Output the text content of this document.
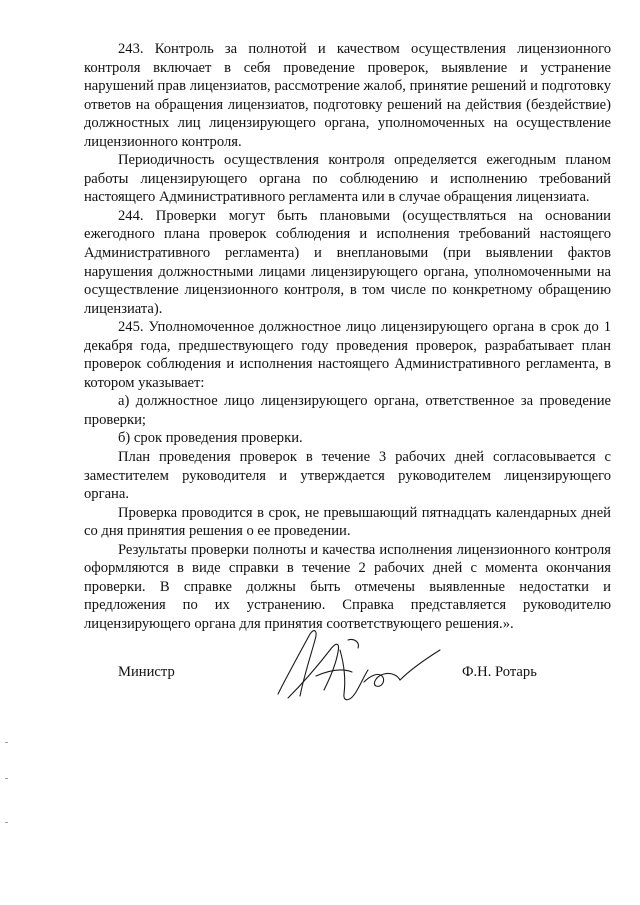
243. Контроль за полнотой и качеством осуществления лицензионного контроля включает в себя проведение проверок, выявление и устранение нарушений прав лицензиатов, рассмотрение жалоб, принятие решений и подготовку ответов на обращения лицензиатов, подготовку решений на действия (бездействие) должностных лиц лицензирующего органа, уполномоченных на осуществление лицензионного контроля.

Периодичность осуществления контроля определяется ежегодным планом работы лицензирующего органа по соблюдению и исполнению требований настоящего Административного регламента или в случае обращения лицензиата.

244. Проверки могут быть плановыми (осуществляться на основании ежегодного плана проверок соблюдения и исполнения требований настоящего Административного регламента) и внеплановыми (при выявлении фактов нарушения должностными лицами лицензирующего органа, уполномоченными на осуществление лицензионного контроля, в том числе по конкретному обращению лицензиата).

245. Уполномоченное должностное лицо лицензирующего органа в срок до 1 декабря года, предшествующего году проведения проверок, разрабатывает план проверок соблюдения и исполнения настоящего Административного регламента, в котором указывает:

а) должностное лицо лицензирующего органа, ответственное за проведение проверки;

б) срок проведения проверки.

План проведения проверок в течение 3 рабочих дней согласовывается с заместителем руководителя и утверждается руководителем лицензирующего органа.

Проверка проводится в срок, не превышающий пятнадцать календарных дней со дня принятия решения о ее проведении.

Результаты проверки полноты и качества исполнения лицензионного контроля оформляются в виде справки в течение 2 рабочих дней с момента окончания проверки. В справке должны быть отмечены выявленные недостатки и предложения по их устранению. Справка представляется руководителю лицензирующего органа для принятия соответствующего решения.».

Министр	Ф.Н. Ротарь
